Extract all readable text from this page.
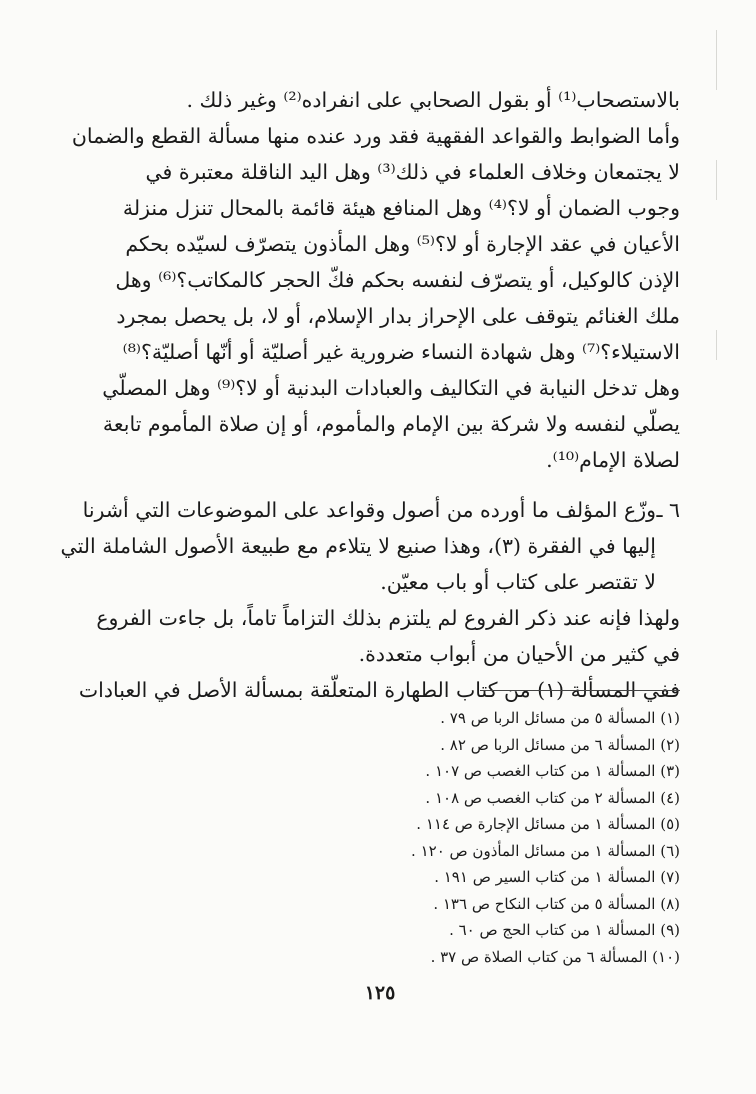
بالاستصحاب⁽¹⁾ أو بقول الصحابي على انفراده⁽²⁾ وغير ذلك .
وأما الضوابط والقواعد الفقهية فقد ورد عنده منها مسألة القطع والضمان
لا يجتمعان وخلاف العلماء في ذلك⁽³⁾ وهل اليد الناقلة معتبرة في
وجوب الضمان أو لا؟⁽⁴⁾ وهل المنافع هيئة قائمة بالمحال تنزل منزلة
الأعيان في عقد الإجارة أو لا؟⁽⁵⁾ وهل المأذون يتصرّف لسيّده بحكم
الإذن كالوكيل، أو يتصرّف لنفسه بحكم فكّ الحجر كالمكاتب؟⁽⁶⁾ وهل
ملك الغنائم يتوقف على الإحراز بدار الإسلام، أو لا، بل يحصل بمجرد
الاستيلاء؟⁽⁷⁾ وهل شهادة النساء ضرورية غير أصليّة أو أنّها أصليّة؟⁽⁸⁾
وهل تدخل النيابة في التكاليف والعبادات البدنية أو لا؟⁽⁹⁾ وهل المصلّي
يصلّي لنفسه ولا شركة بين الإمام والمأموم، أو إن صلاة المأموم تابعة
لصلاة الإمام⁽¹⁰⁾.
٦ ـ
وزّع المؤلف ما أورده من أصول وقواعد على الموضوعات التي أشرنا
إليها في الفقرة (٣)، وهذا صنيع لا يتلاءم مع طبيعة الأصول الشاملة التي
لا تقتصر على كتاب أو باب معيّن.
ولهذا فإنه عند ذكر الفروع لم يلتزم بذلك التزاماً تاماً، بل جاءت الفروع
في كثير من الأحيان من أبواب متعددة.
ففي المسألة (١) من كتاب الطهارة المتعلّقة بمسألة الأصل في العبادات
(١) المسألة ٥ من مسائل الربا ص ٧٩ .
(٢) المسألة ٦ من مسائل الربا ص ٨٢ .
(٣) المسألة ١ من كتاب الغصب ص ١٠٧ .
(٤) المسألة ٢ من كتاب الغصب ص ١٠٨ .
(٥) المسألة ١ من مسائل الإجارة ص ١١٤ .
(٦) المسألة ١ من مسائل المأذون ص ١٢٠ .
(٧) المسألة ١ من كتاب السير ص ١٩١ .
(٨) المسألة ٥ من كتاب النكاح ص ١٣٦ .
(٩) المسألة ١ من كتاب الحج ص ٦٠ .
(١٠) المسألة ٦ من كتاب الصلاة ص ٣٧ .
١٢٥
